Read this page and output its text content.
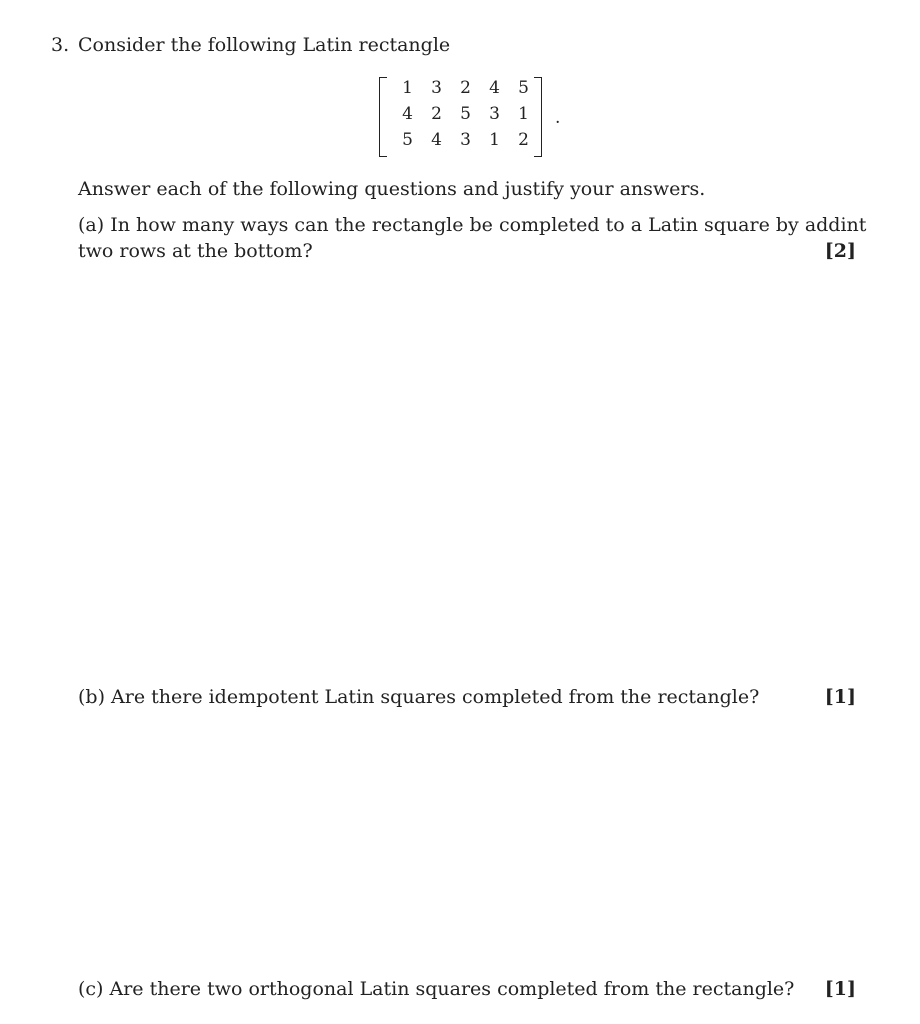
3. Consider the following Latin rectangle
1	3	2	4	5
4	2	5	3	1
5	4	3	1	2
.
Answer each of the following questions and justify your answers.
(a) In how many ways can the rectangle be completed to a Latin square by addint
two rows at the bottom?	[2]
(b) Are there idempotent Latin squares completed from the rectangle?	[1]
(c) Are there two orthogonal Latin squares completed from the rectangle? [1]
